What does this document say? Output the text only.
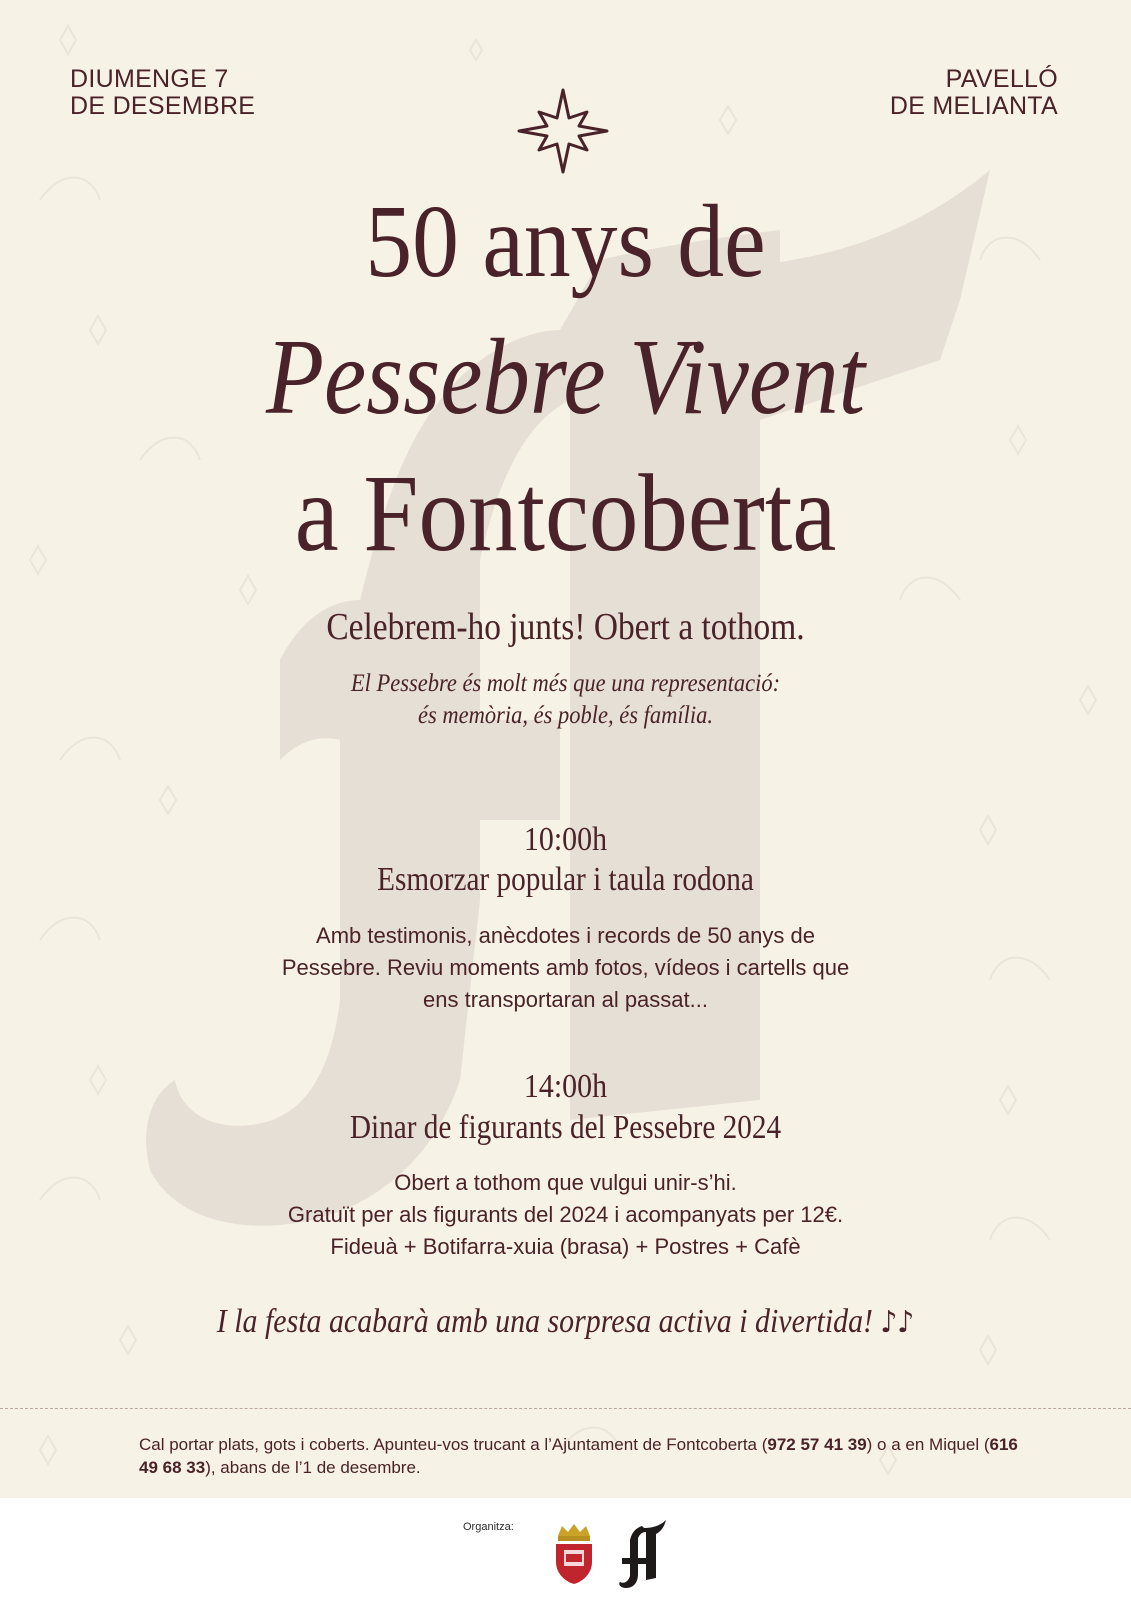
DIUMENGE 7
DE DESEMBRE
PAVELLÓ
DE MELIANTA
50 anys de
Pessebre Vivent
a Fontcoberta
Celebrem-ho junts! Obert a tothom.
El Pessebre és molt més que una representació:
és memòria, és poble, és família.
10:00h
Esmorzar popular i taula rodona
Amb testimonis, anècdotes i records de 50 anys de
Pessebre. Reviu moments amb fotos, vídeos i cartells que
ens transportaran al passat...
14:00h
Dinar de figurants del Pessebre 2024
Obert a tothom que vulgui unir-s’hi.
Gratuït per als figurants del 2024 i acompanyats per 12€.
Fideuà + Botifarra-xuia (brasa) + Postres + Cafè
I la festa acabarà amb una sorpresa activa i divertida! ♪♪
Cal portar plats, gots i coberts. Apunteu-vos trucant a l’Ajuntament de Fontcoberta (972 57 41 39) o a en Miquel (616 49 68 33), abans de l’1 de desembre.
Organitza:
